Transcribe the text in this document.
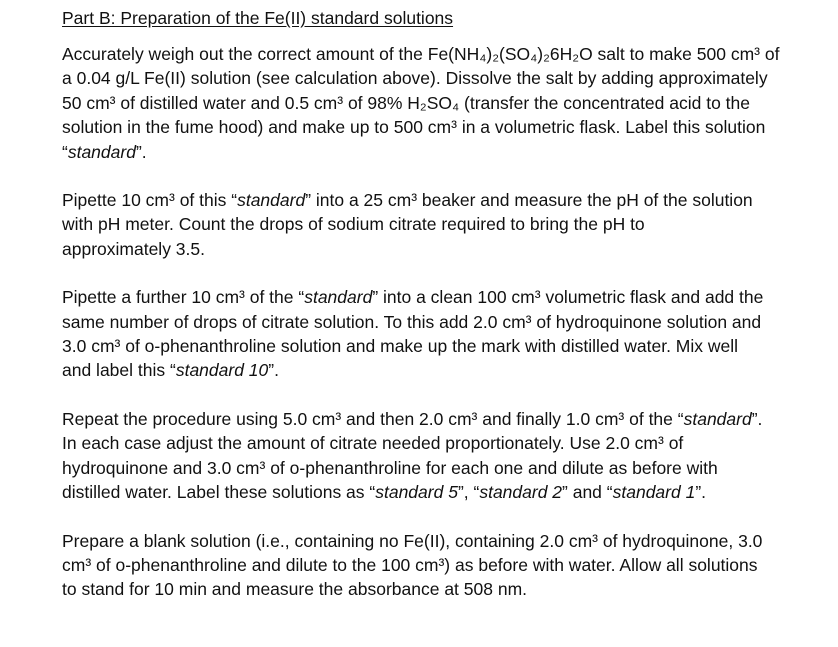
Part B: Preparation of the Fe(II) standard solutions
Accurately weigh out the correct amount of the Fe(NH₄)₂(SO₄)₂6H₂O salt to make 500 cm³ of
a 0.04 g/L Fe(II) solution (see calculation above). Dissolve the salt by adding approximately
50 cm³ of distilled water and 0.5 cm³ of 98% H₂SO₄ (transfer the concentrated acid to the
solution in the fume hood) and make up to 500 cm³ in a volumetric flask. Label this solution
“standard”.
Pipette 10 cm³ of this “standard” into a 25 cm³ beaker and measure the pH of the solution
with pH meter. Count the drops of sodium citrate required to bring the pH to
approximately 3.5.
Pipette a further 10 cm³ of the “standard” into a clean 100 cm³ volumetric flask and add the
same number of drops of citrate solution. To this add 2.0 cm³ of hydroquinone solution and
3.0 cm³ of o-phenanthroline solution and make up the mark with distilled water. Mix well
and label this “standard 10”.
Repeat the procedure using 5.0 cm³ and then 2.0 cm³ and finally 1.0 cm³ of the “standard”.
In each case adjust the amount of citrate needed proportionately. Use 2.0 cm³ of
hydroquinone and 3.0 cm³ of o-phenanthroline for each one and dilute as before with
distilled water. Label these solutions as “standard 5”, “standard 2” and “standard 1”.
Prepare a blank solution (i.e., containing no Fe(II), containing 2.0 cm³ of hydroquinone, 3.0
cm³ of o-phenanthroline and dilute to the 100 cm³) as before with water. Allow all solutions
to stand for 10 min and measure the absorbance at 508 nm.
